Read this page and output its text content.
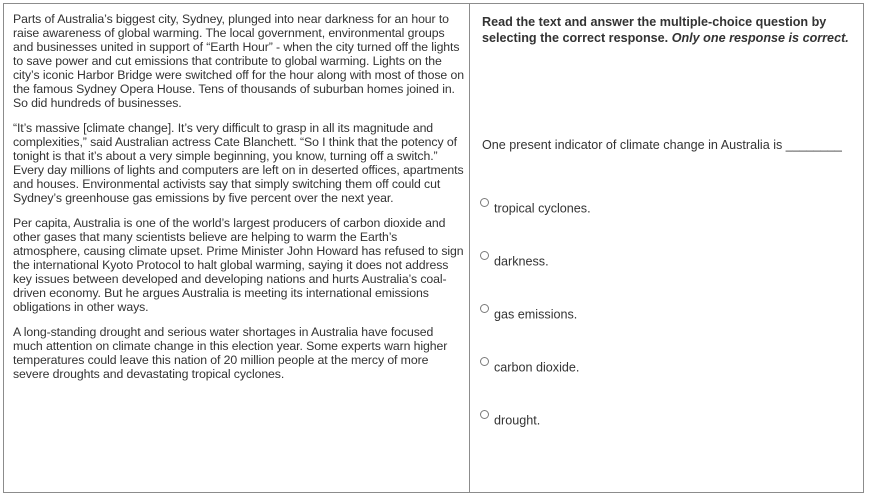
Parts of Australia’s biggest city, Sydney, plunged into near darkness for an hour to raise awareness of global warming. The local government, environmental groups and businesses united in support of “Earth Hour” - when the city turned off the lights to save power and cut emissions that contribute to global warming. Lights on the city’s iconic Harbor Bridge were switched off for the hour along with most of those on the famous Sydney Opera House. Tens of thousands of suburban homes joined in. So did hundreds of businesses.

“It’s massive [climate change]. It’s very difficult to grasp in all its magnitude and complexities,” said Australian actress Cate Blanchett. “So I think that the potency of tonight is that it’s about a very simple beginning, you know, turning off a switch.” Every day millions of lights and computers are left on in deserted offices, apartments and houses. Environmental activists say that simply switching them off could cut Sydney’s greenhouse gas emissions by five percent over the next year.

Per capita, Australia is one of the world’s largest producers of carbon dioxide and other gases that many scientists believe are helping to warm the Earth’s atmosphere, causing climate upset. Prime Minister John Howard has refused to sign the international Kyoto Protocol to halt global warming, saying it does not address key issues between developed and developing nations and hurts Australia’s coal-driven economy. But he argues Australia is meeting its international emissions obligations in other ways.

A long-standing drought and serious water shortages in Australia have focused much attention on climate change in this election year. Some experts warn higher temperatures could leave this nation of 20 million people at the mercy of more severe droughts and devastating tropical cyclones.

Read the text and answer the multiple-choice question by selecting the correct response. Only one response is correct.
One present indicator of climate change in Australia is ________
tropical cyclones.
darkness.
gas emissions.
carbon dioxide.
drought.
